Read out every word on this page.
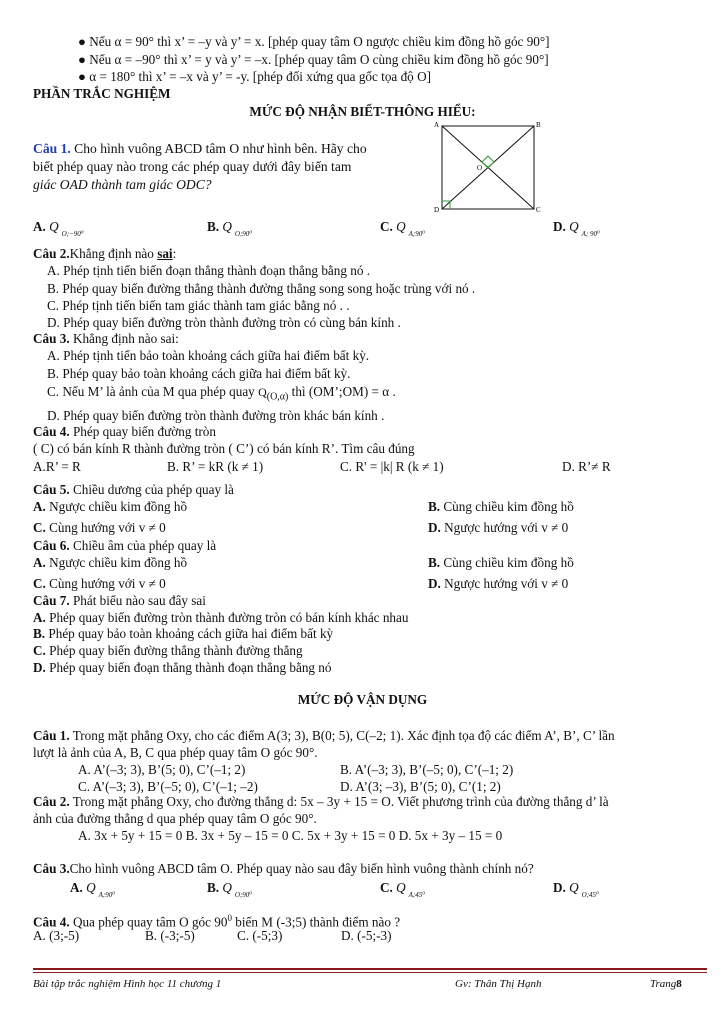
● Nếu α = 90° thì x’ = –y và y’ = x. [phép quay tâm O ngược chiều kim đồng hồ góc 90°]
● Nếu α = –90° thì x’ = y và y’ = –x. [phép quay tâm O cùng chiều kim đồng hồ góc 90°]
● α = 180° thì x’ = –x và y’ = -y. [phép đối xứng qua gốc tọa độ O]
PHẦN TRẮC NGHIỆM
MỨC ĐỘ NHẬN BIẾT-THÔNG HIỂU:
A	B
C
D
O
Câu 1. Cho hình vuông ABCD tâm O như hình bên. Hãy cho
biết phép quay nào trong các phép quay dưới đây biến tam
giác OAD thành tam giác ODC?
A. Q $_{O;-90^0}$	B. Q $_{O;90^0}$	C. Q $_{A;90^0}$	D. Q $_{A; 90^0}$
Câu 2.Khẳng định nào sai:
A. Phép tịnh tiến biến đoạn thẳng thành đoạn thẳng bằng nó .
B. Phép quay biến đường thẳng thành đường thẳng song song hoặc trùng với nó .
C. Phép tịnh tiến biến tam giác thành tam giác bằng nó . .
D. Phép quay biến đường tròn thành đường tròn có cùng bán kính .
Câu 3. Khẳng định nào sai:
A. Phép tịnh tiến bảo toàn khoảng cách giữa hai điểm bất kỳ.
B. Phép quay bảo toàn khoảng cách giữa hai điểm bất kỳ.
C. Nếu M’ là ảnh của M qua phép quay $Q_{(O,\alpha)}$ thì (OM’;OM) = α .
D. Phép quay biến đường tròn thành đường tròn khác bán kính .
Câu 4. Phép quay biến đường tròn
( C) có bán kính R thành đường tròn ( C’) có bán kính R’. Tìm câu đúng
A.R’ = R	B. R’ = kR (k ≠ 1)	C. R' = |k| R (k ≠ 1)	D. R’≠ R
Câu 5. Chiều dương của phép quay là
A. Ngược chiều kim đồng hồ	B. Cùng chiều kim đồng hồ
C. Cùng hướng với v ≠ 0	D. Ngược hướng với v ≠ 0
Câu 6. Chiều âm của phép quay là
A. Ngược chiều kim đồng hồ	B. Cùng chiều kim đồng hồ
C. Cùng hướng với v ≠ 0	D. Ngược hướng với v ≠ 0
Câu 7. Phát biểu nào sau đây sai
A. Phép quay biến đường tròn thành đường tròn có bán kính khác nhau
B. Phép quay bảo toàn khoảng cách giữa hai điểm bất kỳ
C. Phép quay biến đường thẳng thành đường thẳng
D. Phép quay biến đoạn thẳng thành đoạn thẳng bằng nó
MỨC ĐỘ VẬN DỤNG
Câu 1. Trong mặt phẳng Oxy, cho các điểm A(3; 3), B(0; 5), C(–2; 1). Xác định tọa độ các điểm A’, B’, C’ lần
lượt là ảnh của A, B, C qua phép quay tâm O góc 90°.
A. A’(–3; 3), B’(5; 0), C’(–1; 2)	B. A’(–3; 3), B’(–5; 0), C’(–1; 2)
C. A’(–3; 3), B’(–5; 0), C’(–1; –2)	D. A’(3; –3), B’(5; 0), C’(1; 2)
Câu 2. Trong mặt phẳng Oxy, cho đường thẳng d: 5x – 3y + 15 = O. Viết phương trình của đường thẳng d’ là
ảnh của đường thẳng d qua phép quay tâm O góc 90°.
A. 3x + 5y + 15 = 0 B. 3x + 5y – 15 = 0 C. 5x + 3y + 15 = 0 D. 5x + 3y – 15 = 0
Câu 3.Cho hình vuông ABCD tâm O. Phép quay nào sau đây biến hình vuông thành chính nó?
A. Q $_{A;90^0}$	B. Q $_{O;90^0}$	C. Q $_{A;45^0}$	D. Q $_{O;45^0}$
Câu 4. Qua phép quay tâm O góc $90^0$ biến M (-3;5) thành điểm nào ?
A. (3;-5)	B. (-3;-5)	C. (-5;3)	D. (-5;-3)
Bài tập trắc nghiệm Hình học 11 chương 1	Gv: Thân Thị Hạnh	Trang8
